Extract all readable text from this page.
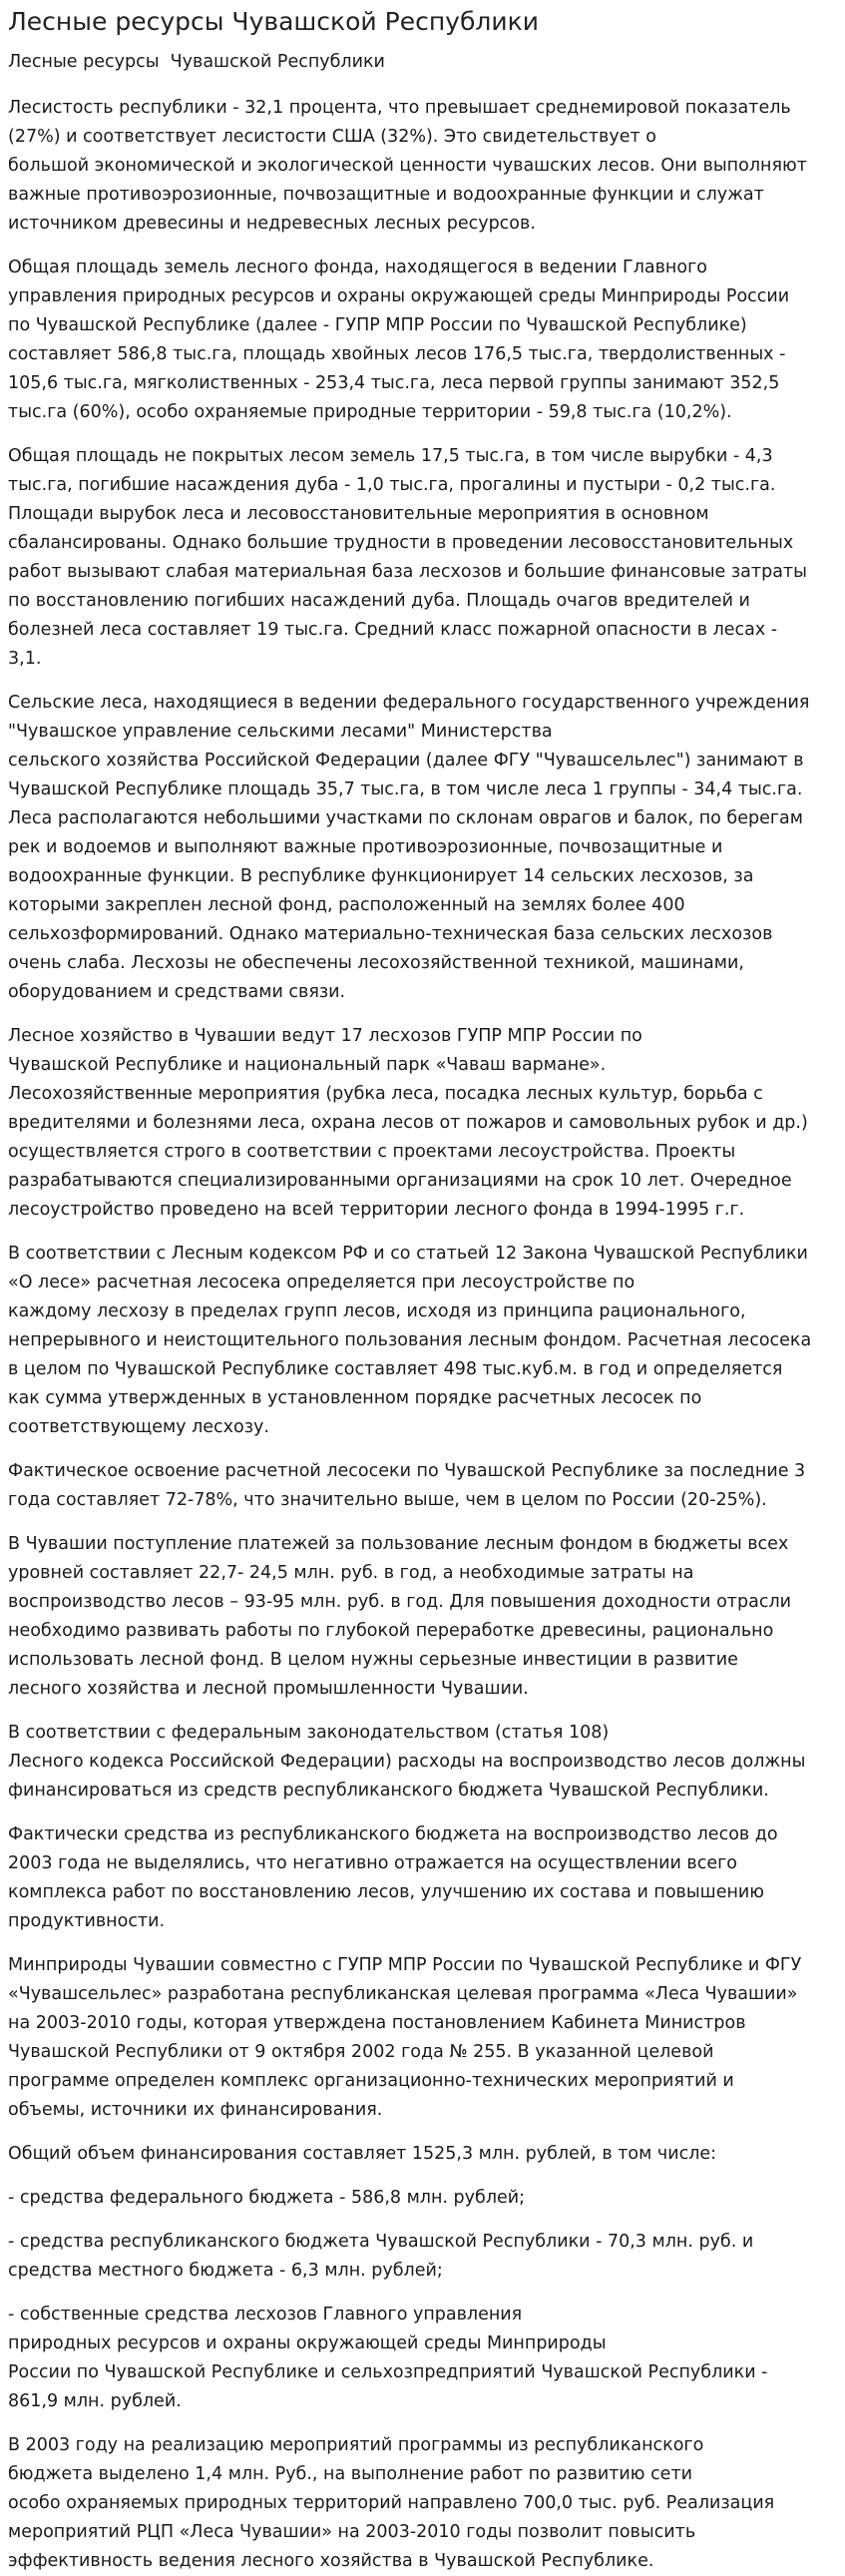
Лесные ресурсы Чувашской Республики
Лесные ресурсы  Чувашской Республики

Лесистость республики - 32,1 процента, что превышает среднемировой показатель
(27%) и соответствует лесистости США (32%). Это свидетельствует о
большой экономической и экологической ценности чувашских лесов. Они выполняют
важные противоэрозионные, почвозащитные и водоохранные функции и служат
источником древесины и недревесных лесных ресурсов.

Общая площадь земель лесного фонда, находящегося в ведении Главного
управления природных ресурсов и охраны окружающей среды Минприроды России
по Чувашской Республике (далее - ГУПР МПР России по Чувашской Республике)
составляет 586,8 тыс.га, площадь хвойных лесов 176,5 тыс.га, твердолиственных -
105,6 тыс.га, мягколиственных - 253,4 тыс.га, леса первой группы занимают 352,5
тыс.га (60%), особо охраняемые природные территории - 59,8 тыс.га (10,2%).

Общая площадь не покрытых лесом земель 17,5 тыс.га, в том числе вырубки - 4,3
тыс.га, погибшие насаждения дуба - 1,0 тыс.га, прогалины и пустыри - 0,2 тыс.га.
Площади вырубок леса и лесовосстановительные мероприятия в основном
сбалансированы. Однако большие трудности в проведении лесовосстановительных
работ вызывают слабая материальная база лесхозов и большие финансовые затраты
по восстановлению погибших насаждений дуба. Площадь очагов вредителей и
болезней леса составляет 19 тыс.га. Средний класс пожарной опасности в лесах -
3,1.

Сельские леса, находящиеся в ведении федерального государственного учреждения
"Чувашское управление сельскими лесами" Министерства
сельского хозяйства Российской Федерации (далее ФГУ "Чувашсельлес") занимают в
Чувашской Республике площадь 35,7 тыс.га, в том числе леса 1 группы - 34,4 тыс.га.
Леса располагаются небольшими участками по склонам оврагов и балок, по берегам
рек и водоемов и выполняют важные противоэрозионные, почвозащитные и
водоохранные функции. В республике функционирует 14 сельских лесхозов, за
которыми закреплен лесной фонд, расположенный на землях более 400
сельхозформирований. Однако материально-техническая база сельских лесхозов
очень слаба. Лесхозы не обеспечены лесохозяйственной техникой, машинами,
оборудованием и средствами связи.

Лесное хозяйство в Чувашии ведут 17 лесхозов ГУПР МПР России по
Чувашской Республике и национальный парк «Чаваш вармане».
Лесохозяйственные мероприятия (рубка леса, посадка лесных культур, борьба с
вредителями и болезнями леса, охрана лесов от пожаров и самовольных рубок и др.)
осуществляется строго в соответствии с проектами лесоустройства. Проекты
разрабатываются специализированными организациями на срок 10 лет. Очередное
лесоустройство проведено на всей территории лесного фонда в 1994-1995 г.г.

В соответствии с Лесным кодексом РФ и со статьей 12 Закона Чувашской Республики
«О лесе» расчетная лесосека определяется при лесоустройстве по
каждому лесхозу в пределах групп лесов, исходя из принципа рационального,
непрерывного и неистощительного пользования лесным фондом. Расчетная лесосека
в целом по Чувашской Республике составляет 498 тыс.куб.м. в год и определяется
как сумма утвержденных в установленном порядке расчетных лесосек по
соответствующему лесхозу.

Фактическое освоение расчетной лесосеки по Чувашской Республике за последние 3
года составляет 72-78%, что значительно выше, чем в целом по России (20-25%).

В Чувашии поступление платежей за пользование лесным фондом в бюджеты всех
уровней составляет 22,7- 24,5 млн. руб. в год, а необходимые затраты на
воспроизводство лесов – 93-95 млн. руб. в год. Для повышения доходности отрасли
необходимо развивать работы по глубокой переработке древесины, рационально
использовать лесной фонд. В целом нужны серьезные инвестиции в развитие
лесного хозяйства и лесной промышленности Чувашии.

В соответствии с федеральным законодательством (статья 108)
Лесного кодекса Российской Федерации) расходы на воспроизводство лесов должны
финансироваться из средств республиканского бюджета Чувашской Республики.

Фактически средства из республиканского бюджета на воспроизводство лесов до
2003 года не выделялись, что негативно отражается на осуществлении всего
комплекса работ по восстановлению лесов, улучшению их состава и повышению
продуктивности.

Минприроды Чувашии совместно с ГУПР МПР России по Чувашской Республике и ФГУ
«Чувашсельлес» разработана республиканская целевая программа «Леса Чувашии»
на 2003-2010 годы, которая утверждена постановлением Кабинета Министров
Чувашской Республики от 9 октября 2002 года № 255. В указанной целевой
программе определен комплекс организационно-технических мероприятий и
объемы, источники их финансирования.

Общий объем финансирования составляет 1525,3 млн. рублей, в том числе:

- средства федерального бюджета - 586,8 млн. рублей;

- средства республиканского бюджета Чувашской Республики - 70,3 млн. руб. и
средства местного бюджета - 6,3 млн. рублей;

- собственные средства лесхозов Главного управления
природных ресурсов и охраны окружающей среды Минприроды
России по Чувашской Республике и сельхозпредприятий Чувашской Республики -
861,9 млн. рублей.

В 2003 году на реализацию мероприятий программы из республиканского
бюджета выделено 1,4 млн. Руб., на выполнение работ по развитию сети
особо охраняемых природных территорий направлено 700,0 тыс. руб. Реализация
мероприятий РЦП «Леса Чувашии» на 2003-2010 годы позволит повысить
эффективность ведения лесного хозяйства в Чувашской Республике.
